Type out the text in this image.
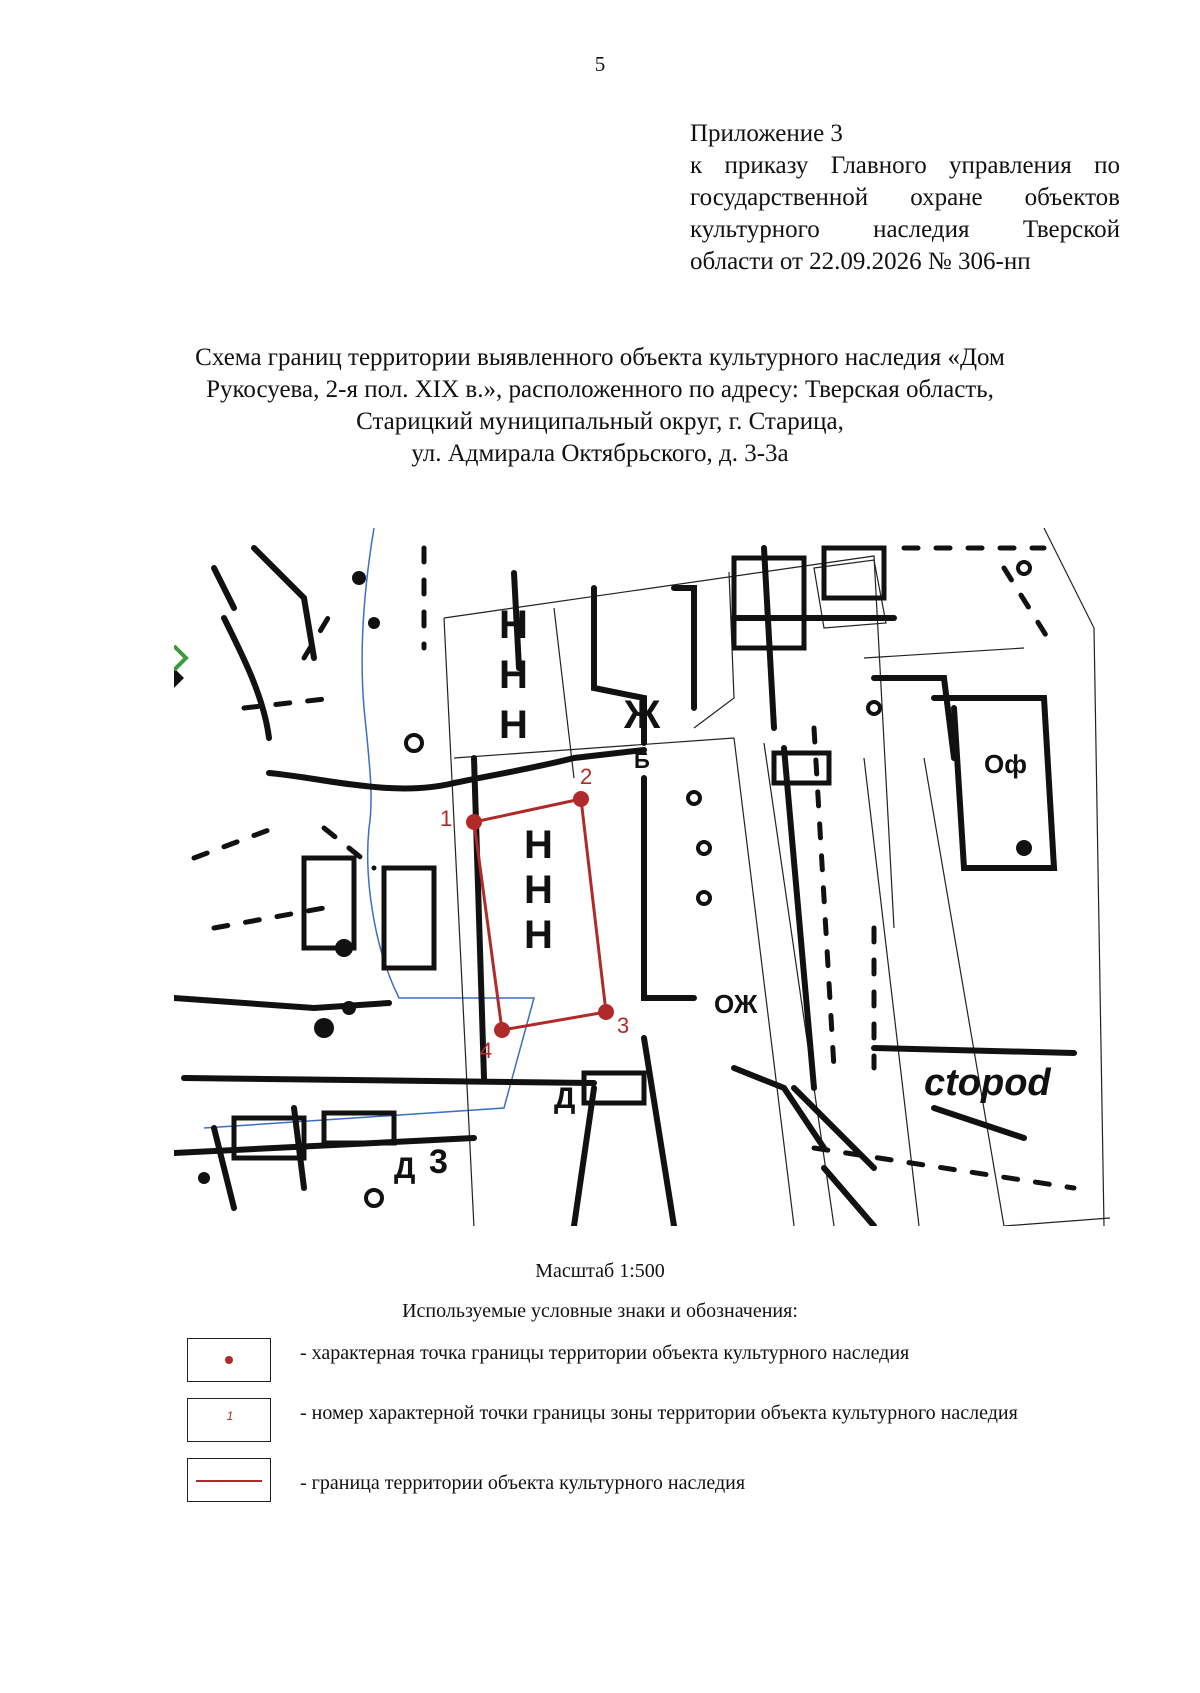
5
Приложение 3
к приказу Главного управления по
государственной охране объектов
культурного наследия Тверской
области от 22.09.2026 № 306-нп
Схема границ территории выявленного объекта культурного наследия «Дом
Рукосуева, 2-я пол. XIX в.», расположенного по адресу: Тверская область,
Старицкий муниципальный округ, г. Старица,
ул. Адмирала Октябрьского, д. 3-3а
Н
Н
Н
Н
Н
Н
Ж
Д
Д
ОЖ
Оф
3
Б
ctopod
1
2
3
4
Масштаб 1:500
Используемые условные знаки и обозначения:
- характерная точка границы территории объекта культурного наследия
1	- номер характерной точки границы зоны территории объекта культурного наследия
- граница территории объекта культурного наследия
